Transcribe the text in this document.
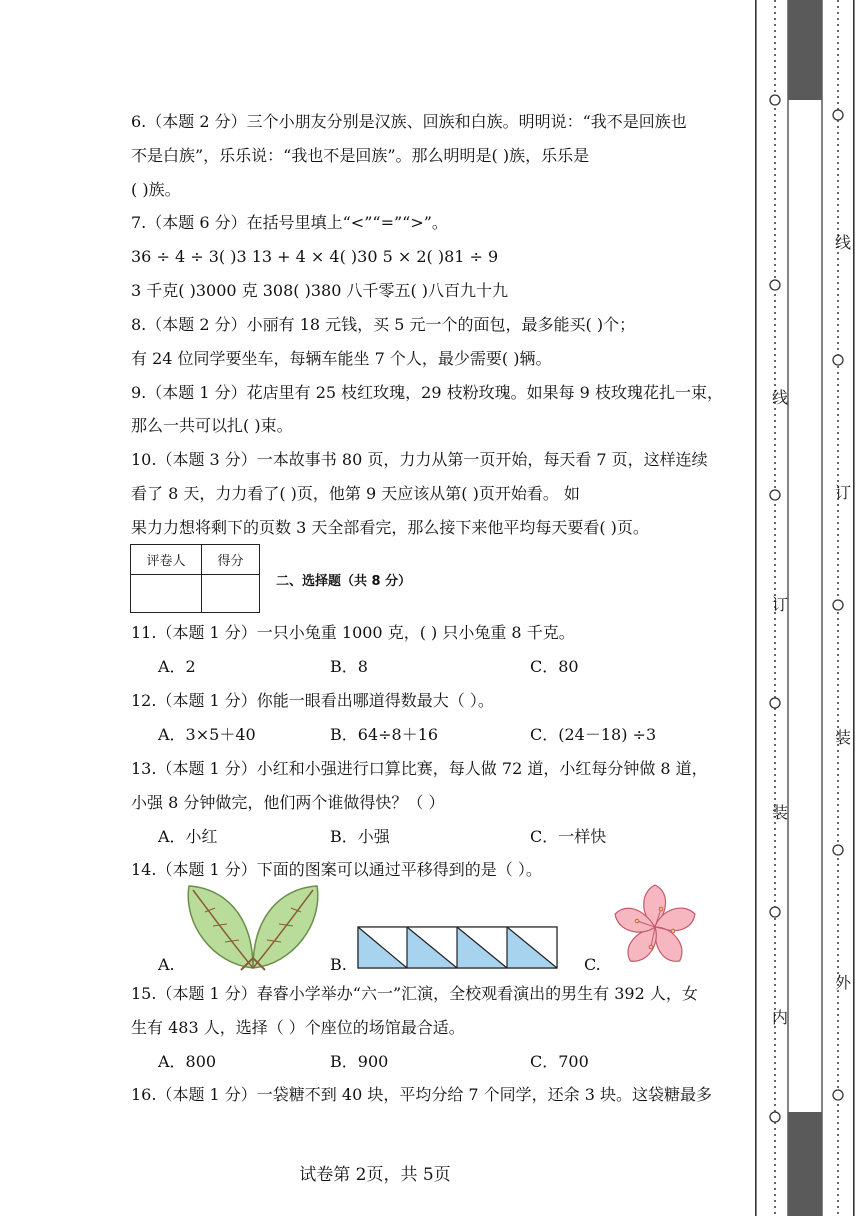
6.（本题 2 分）三个小朋友分别是汉族、回族和白族。明明说：“我不是回族也
不是白族”，乐乐说：“我也不是回族”。那么明明是( )族，乐乐是
( )族。
7.（本题 6 分）在括号里填上“<”“=”“>”。
36 ÷ 4 ÷ 3( )3 13 + 4 × 4( )30 5 × 2( )81 ÷ 9
3 千克( )3000 克 308( )380 八千零五( )八百九十九
8.（本题 2 分）小丽有 18 元钱，买 5 元一个的面包，最多能买( )个；
有 24 位同学要坐车，每辆车能坐 7 个人，最少需要( )辆。
9.（本题 1 分）花店里有 25 枝红玫瑰，29 枝粉玫瑰。如果每 9 枝玫瑰花扎一束，
那么一共可以扎( )束。
10.（本题 3 分）一本故事书 80 页，力力从第一页开始，每天看 7 页，这样连续
看了 8 天，力力看了( )页，他第 9 天应该从第( )页开始看。 如
果力力想将剩下的页数 3 天全部看完，那么接下来他平均每天要看( )页。
评卷人	得分

二、选择题（共 8 分）
11.（本题 1 分）一只小兔重 1000 克，( ) 只小兔重 8 千克。
A．2	B．8	C．80
12.（本题 1 分）你能一眼看出哪道得数最大（ ）。
A．3×5＋40	B．64÷8＋16	C．(24－18) ÷3
13.（本题 1 分）小红和小强进行口算比赛，每人做 72 道，小红每分钟做 8 道，
小强 8 分钟做完，他们两个谁做得快？（ ）
A．小红	B．小强	C．一样快
14.（本题 1 分）下面的图案可以通过平移得到的是（ ）。
A.	B.	C.
15.（本题 1 分）春睿小学举办“六一”汇演，全校观看演出的男生有 392 人，女
生有 483 人，选择（ ）个座位的场馆最合适。
A．800	B．900	C．700
16.（本题 1 分）一袋糖不到 40 块，平均分给 7 个同学，还余 3 块。这袋糖最多
试卷第 2页，共 5页
线
订
装
内
线
订
装
外
